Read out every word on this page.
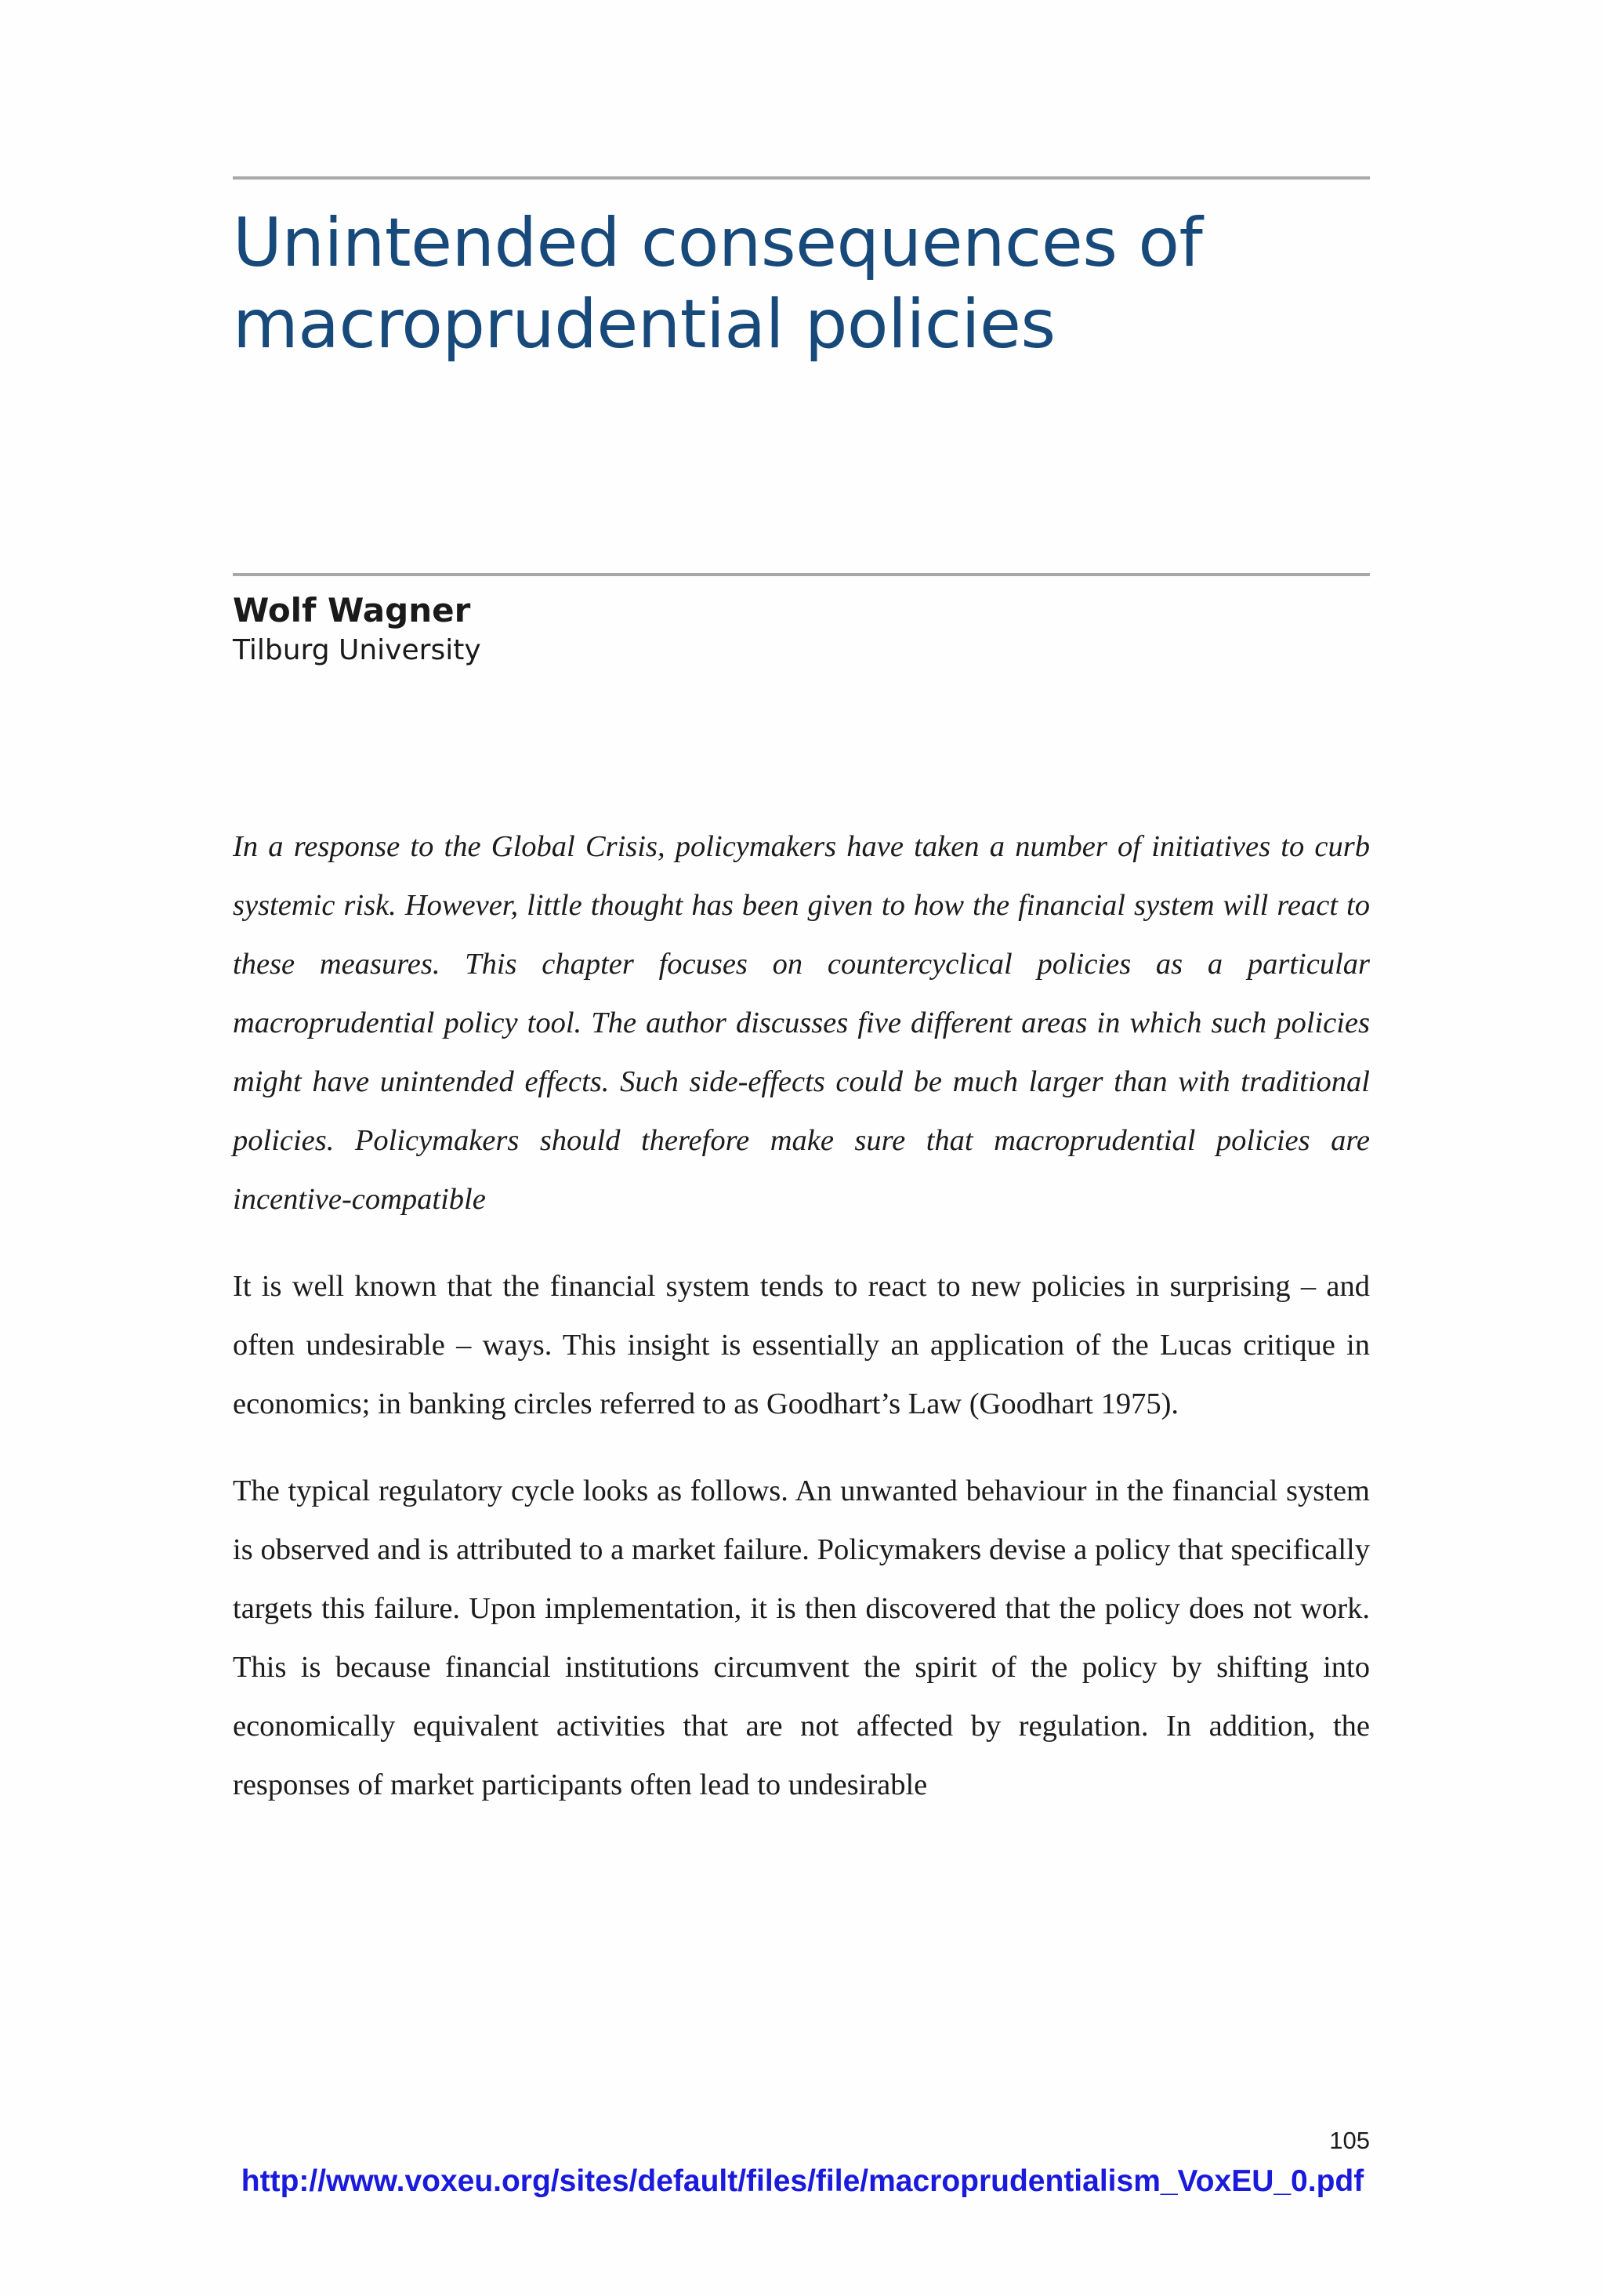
Unintended consequences of
macroprudential policies
Wolf Wagner
Tilburg University

In a response to the Global Crisis, policymakers have taken a number of initiatives to curb systemic risk. However, little thought has been given to how the financial system will react to these measures. This chapter focuses on countercyclical policies as a particular macroprudential policy tool. The author discusses five different areas in which such policies might have unintended effects. Such side-effects could be much larger than with traditional policies. Policymakers should therefore make sure that macroprudential policies are incentive-compatible

It is well known that the financial system tends to react to new policies in surprising – and often undesirable – ways. This insight is essentially an application of the Lucas critique in economics; in banking circles referred to as Goodhart’s Law (Goodhart 1975).

The typical regulatory cycle looks as follows. An unwanted behaviour in the financial system is observed and is attributed to a market failure. Policymakers devise a policy that specifically targets this failure. Upon implementation, it is then discovered that the policy does not work. This is because financial institutions circumvent the spirit of the policy by shifting into economically equivalent activities that are not affected by regulation. In addition, the responses of market participants often lead to undesirable

105
http://www.voxeu.org/sites/default/files/file/macroprudentialism_VoxEU_0.pdf
